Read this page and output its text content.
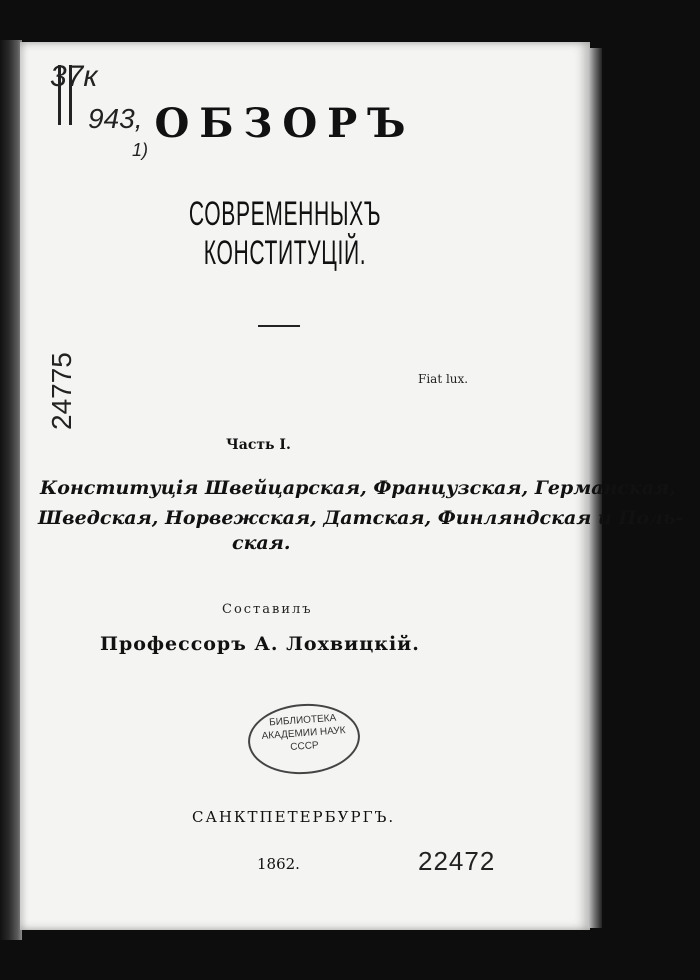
37к
943,
24775
1)
ОБЗОРЪ
СОВРЕМЕННЫХЪ КОНСТИТУЦІЙ.
Fiat lux.
Часть I.
Конституція Швейцарская, Французская, Германская,
Шведская, Норвежская, Датская, Финляндская и Поль-
ская.
Составилъ
Профессоръ А. Лохвицкій.
БИБЛИОТЕКА
АКАДЕМИИ НАУК
СССР
САНКТПЕТЕРБУРГЪ.
1862.	22472
